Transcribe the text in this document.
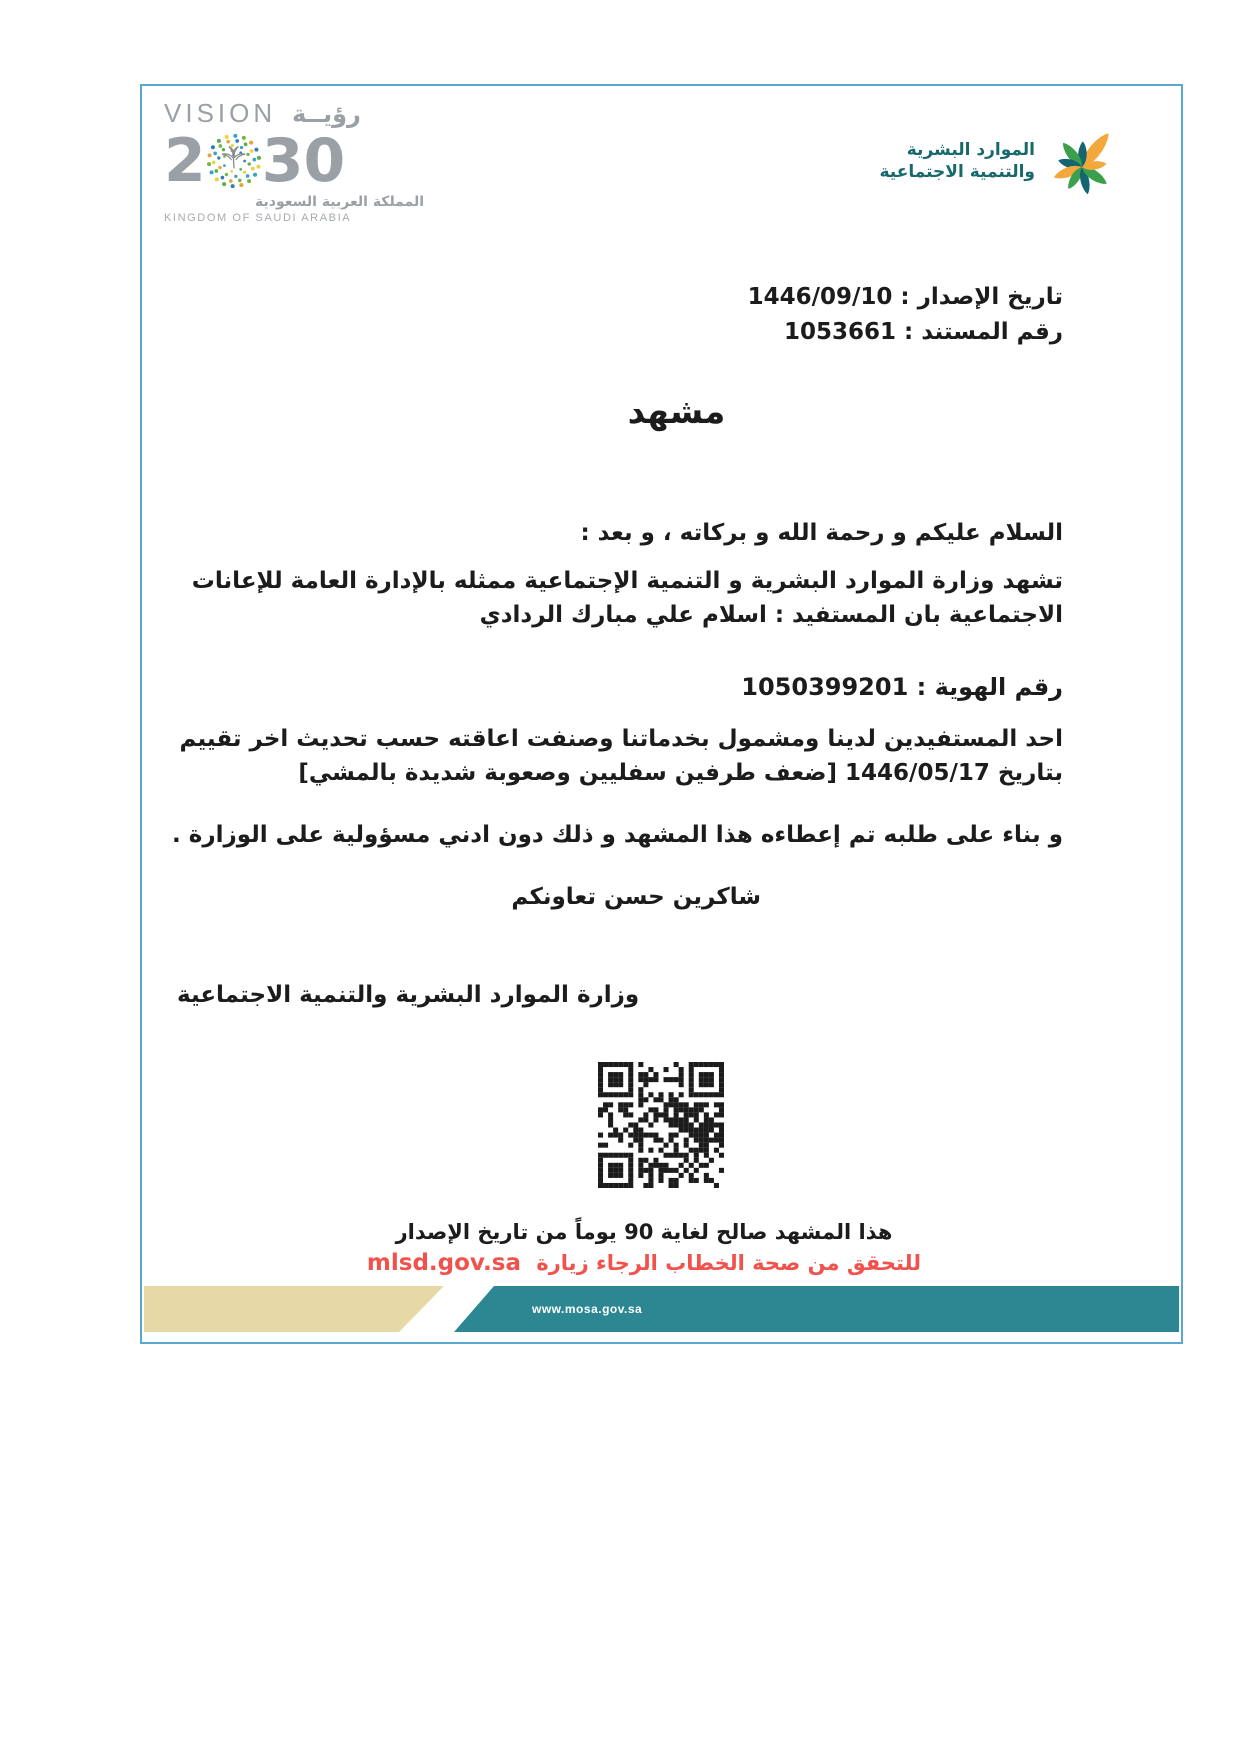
VISION رؤيــة
2 30
المملكة العربية السعودية
KINGDOM OF SAUDI ARABIA
الموارد البشرية
والتنمية الاجتماعية
تاريخ الإصدار : 1446/09/10
رقم المستند : 1053661
مشهد
السلام عليكم و رحمة الله و بركاته ، و بعد :
تشهد وزارة الموارد البشرية و التنمية الإجتماعية ممثله بالإدارة العامة للإعانات الاجتماعية بان المستفيد : اسلام علي مبارك الردادي
رقم الهوية : 1050399201
احد المستفيدين لدينا ومشمول بخدماتنا وصنفت اعاقته حسب تحديث اخر تقييم بتاريخ 1446/05/17 [ضعف طرفين سفليين وصعوبة شديدة بالمشي]
و بناء على طلبه تم إعطاءه هذا المشهد و ذلك دون ادني مسؤولية على الوزارة .
شاكرين حسن تعاونكم
وزارة الموارد البشرية والتنمية الاجتماعية
هذا المشهد صالح لغاية 90 يوماً من تاريخ الإصدار
للتحقق من صحة الخطاب الرجاء زيارة mlsd.gov.sa
www.mosa.gov.sa
